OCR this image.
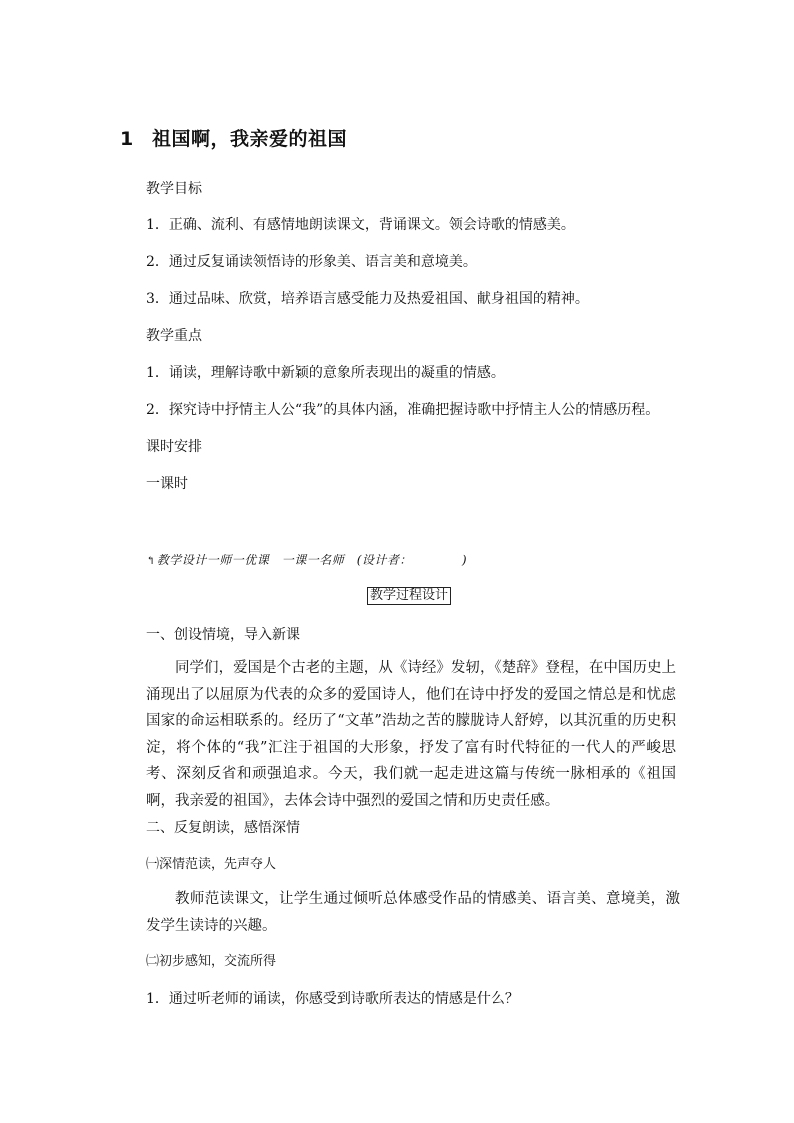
1 祖国啊，我亲爱的祖国
教学目标
1．正确、流利、有感情地朗读课文，背诵课文。领会诗歌的情感美。
2．通过反复诵读领悟诗的形象美、语言美和意境美。
3．通过品味、欣赏，培养语言感受能力及热爱祖国、献身祖国的精神。
教学重点
1．诵读，理解诗歌中新颖的意象所表现出的凝重的情感。
2．探究诗中抒情主人公“我”的具体内涵，准确把握诗歌中抒情主人公的情感历程。
课时安排
一课时
↰教学设计一师一优课　一课一名师　(设计者：	)
教学过程设计
一、创设情境，导入新课
同学们，爱国是个古老的主题，从《诗经》发轫，《楚辞》登程，在中国历史上涌现出了以屈原为代表的众多的爱国诗人，他们在诗中抒发的爱国之情总是和忧虑国家的命运相联系的。经历了“文革”浩劫之苦的朦胧诗人舒婷，以其沉重的历史积淀，将个体的“我”汇注于祖国的大形象，抒发了富有时代特征的一代人的严峻思考、深刻反省和顽强追求。今天，我们就一起走进这篇与传统一脉相承的《祖国啊，我亲爱的祖国》，去体会诗中强烈的爱国之情和历史责任感。
二、反复朗读，感悟深情
㈠深情范读，先声夺人
教师范读课文，让学生通过倾听总体感受作品的情感美、语言美、意境美，激发学生读诗的兴趣。
㈡初步感知，交流所得
1．通过听老师的诵读，你感受到诗歌所表达的情感是什么？
